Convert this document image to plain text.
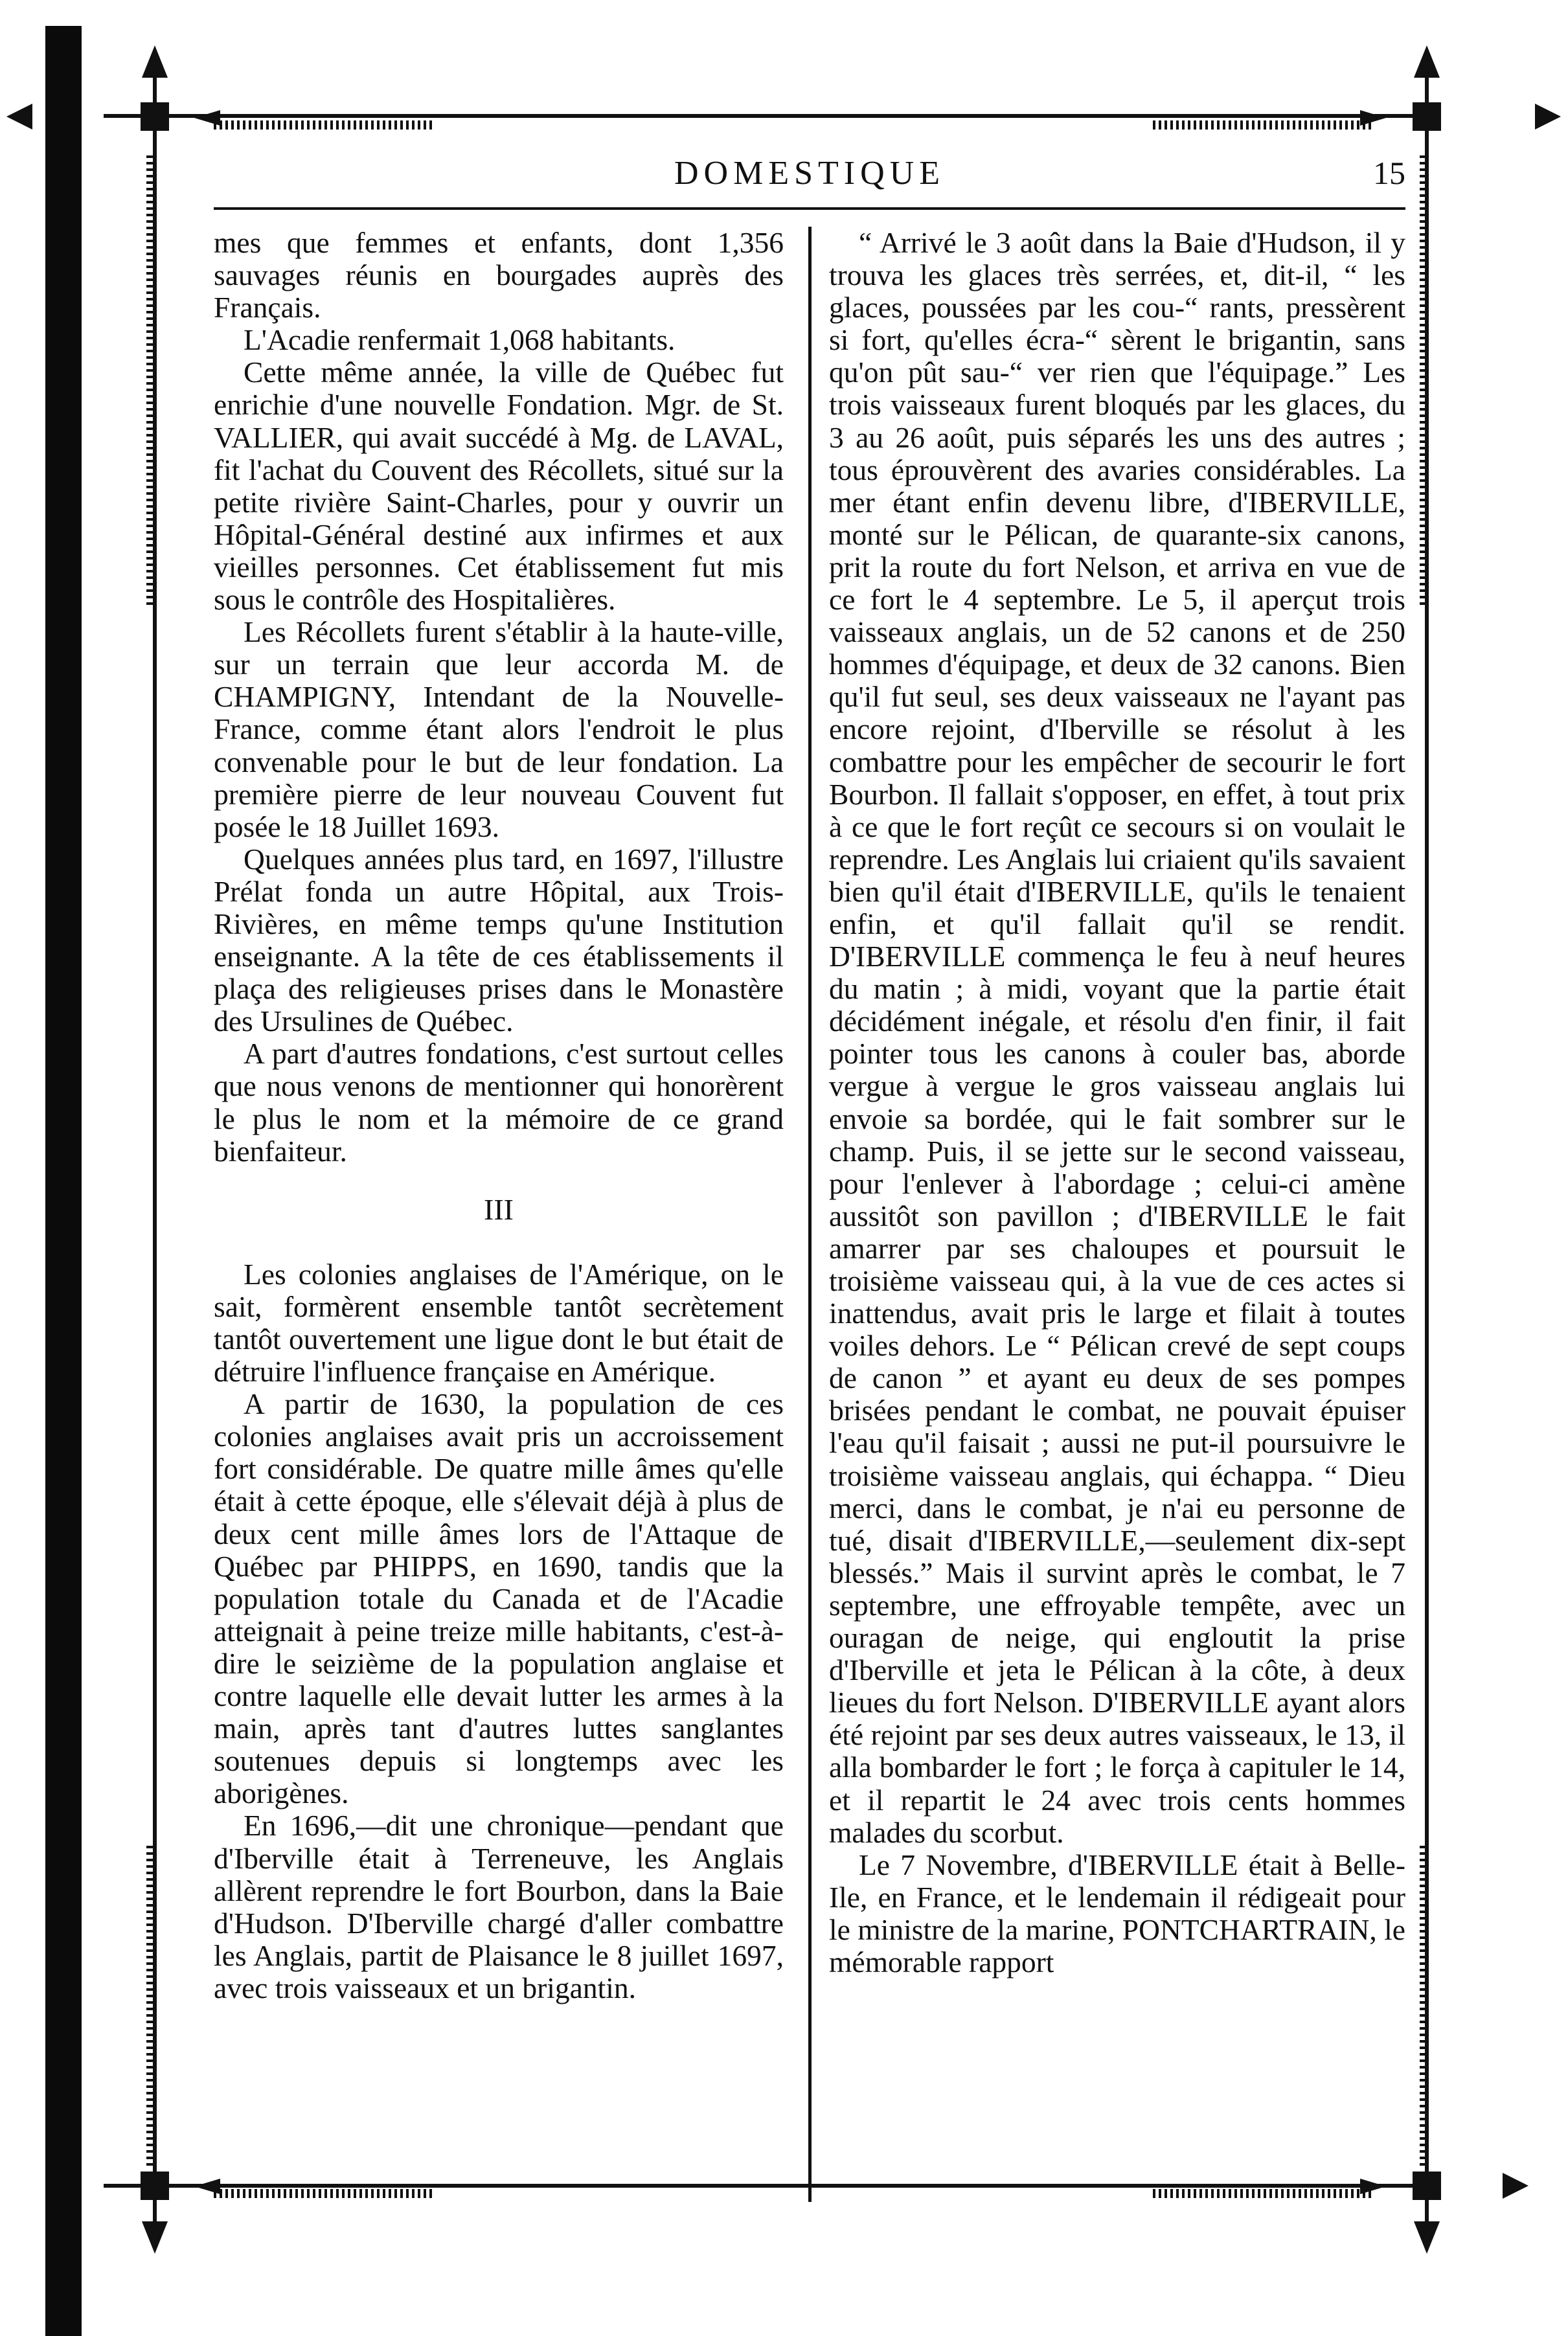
DOMESTIQUE	15

mes que femmes et enfants, dont 1,356 sauvages réunis en bourgades auprès des Français.

L'Acadie renfermait 1,068 habitants.

Cette même année, la ville de Québec fut enrichie d'une nouvelle Fondation. Mgr. de St. VALLIER, qui avait succédé à Mg. de LAVAL, fit l'achat du Couvent des Récollets, situé sur la petite rivière Saint-Charles, pour y ouvrir un Hôpital-Général destiné aux infirmes et aux vieilles personnes. Cet établissement fut mis sous le contrôle des Hospitalières.

Les Récollets furent s'établir à la haute-ville, sur un terrain que leur accorda M. de CHAMPIGNY, Intendant de la Nouvelle-France, comme étant alors l'endroit le plus convenable pour le but de leur fondation. La première pierre de leur nouveau Couvent fut posée le 18 Juillet 1693.

Quelques années plus tard, en 1697, l'illustre Prélat fonda un autre Hôpital, aux Trois-Rivières, en même temps qu'une Institution enseignante. A la tête de ces établissements il plaça des religieuses prises dans le Monastère des Ursulines de Québec.

A part d'autres fondations, c'est surtout celles que nous venons de mentionner qui honorèrent le plus le nom et la mémoire de ce grand bienfaiteur.

III

Les colonies anglaises de l'Amérique, on le sait, formèrent ensemble tantôt secrètement tantôt ouvertement une ligue dont le but était de détruire l'influence française en Amérique.

A partir de 1630, la population de ces colonies anglaises avait pris un accroissement fort considérable. De quatre mille âmes qu'elle était à cette époque, elle s'élevait déjà à plus de deux cent mille âmes lors de l'Attaque de Québec par PHIPPS, en 1690, tandis que la population totale du Canada et de l'Acadie atteignait à peine treize mille habitants, c'est-à-dire le seizième de la population anglaise et contre laquelle elle devait lutter les armes à la main, après tant d'autres luttes sanglantes soutenues depuis si longtemps avec les aborigènes.

En 1696,—dit une chronique—pendant que d'Iberville était à Terreneuve, les Anglais allèrent reprendre le fort Bourbon, dans la Baie d'Hudson. D'Iberville chargé d'aller combattre les Anglais, partit de Plaisance le 8 juillet 1697, avec trois vaisseaux et un brigantin.

“ Arrivé le 3 août dans la Baie d'Hudson, il y trouva les glaces très serrées, et, dit-il, “ les glaces, poussées par les cou-“ rants, pressèrent si fort, qu'elles écra-“ sèrent le brigantin, sans qu'on pût sau-“ ver rien que l'équipage.” Les trois vaisseaux furent bloqués par les glaces, du 3 au 26 août, puis séparés les uns des autres ; tous éprouvèrent des avaries considérables. La mer étant enfin devenu libre, d'IBERVILLE, monté sur le Pélican, de quarante-six canons, prit la route du fort Nelson, et arriva en vue de ce fort le 4 septembre. Le 5, il aperçut trois vaisseaux anglais, un de 52 canons et de 250 hommes d'équipage, et deux de 32 canons. Bien qu'il fut seul, ses deux vaisseaux ne l'ayant pas encore rejoint, d'Iberville se résolut à les combattre pour les empêcher de secourir le fort Bourbon. Il fallait s'opposer, en effet, à tout prix à ce que le fort reçût ce secours si on voulait le reprendre. Les Anglais lui criaient qu'ils savaient bien qu'il était d'IBERVILLE, qu'ils le tenaient enfin, et qu'il fallait qu'il se rendit. D'IBERVILLE commença le feu à neuf heures du matin ; à midi, voyant que la partie était décidément inégale, et résolu d'en finir, il fait pointer tous les canons à couler bas, aborde vergue à vergue le gros vaisseau anglais lui envoie sa bordée, qui le fait sombrer sur le champ. Puis, il se jette sur le second vaisseau, pour l'enlever à l'abordage ; celui-ci amène aussitôt son pavillon ; d'IBERVILLE le fait amarrer par ses chaloupes et poursuit le troisième vaisseau qui, à la vue de ces actes si inattendus, avait pris le large et filait à toutes voiles dehors. Le “ Pélican crevé de sept coups de canon ” et ayant eu deux de ses pompes brisées pendant le combat, ne pouvait épuiser l'eau qu'il faisait ; aussi ne put-il poursuivre le troisième vaisseau anglais, qui échappa. “ Dieu merci, dans le combat, je n'ai eu personne de tué, disait d'IBERVILLE,—seulement dix-sept blessés.” Mais il survint après le combat, le 7 septembre, une effroyable tempête, avec un ouragan de neige, qui engloutit la prise d'Iberville et jeta le Pélican à la côte, à deux lieues du fort Nelson. D'IBERVILLE ayant alors été rejoint par ses deux autres vaisseaux, le 13, il alla bombarder le fort ; le força à capituler le 14, et il repartit le 24 avec trois cents hommes malades du scorbut.

Le 7 Novembre, d'IBERVILLE était à Belle-Ile, en France, et le lendemain il rédigeait pour le ministre de la marine, PONTCHARTRAIN, le mémorable rapport
